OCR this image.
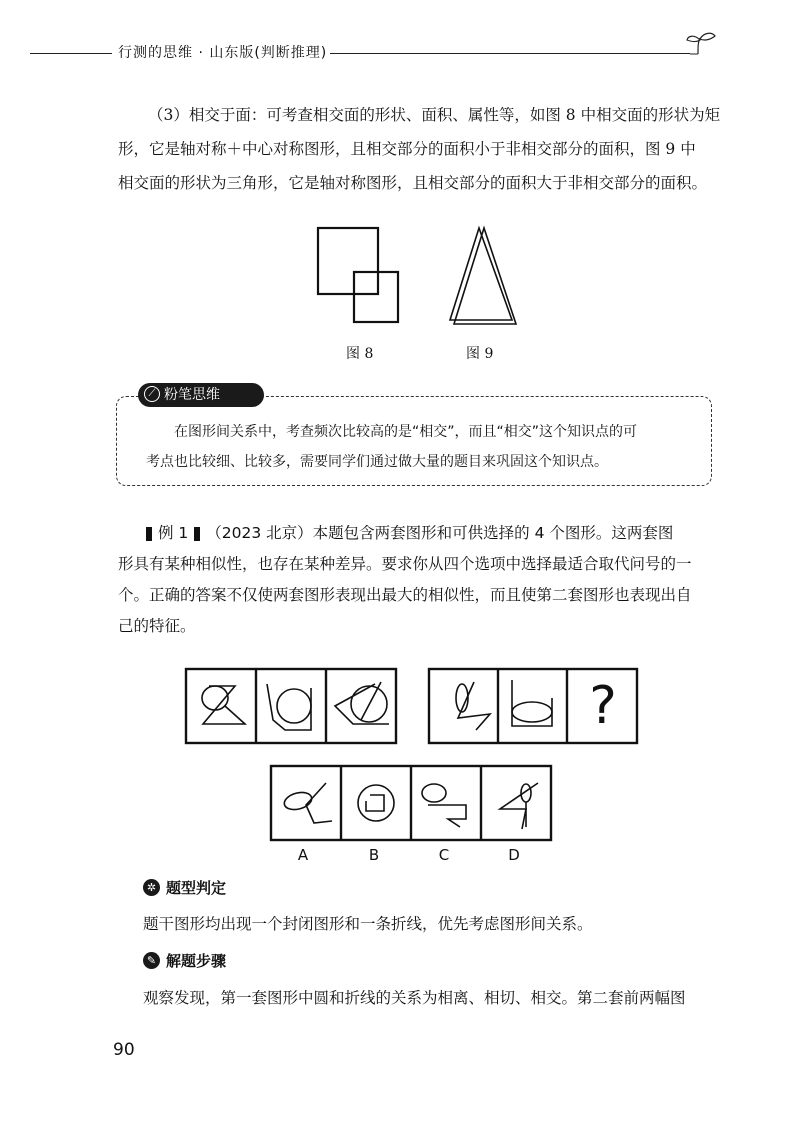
行测的思维 · 山东版(判断推理)
（3）相交于面：可考查相交面的形状、面积、属性等，如图 8 中相交面的形状为矩
形，它是轴对称＋中心对称图形，且相交部分的面积小于非相交部分的面积，图 9 中
相交面的形状为三角形，它是轴对称图形，且相交部分的面积大于非相交部分的面积。
图 8	图 9
⟋ 粉笔思维
在图形间关系中，考查频次比较高的是“相交”，而且“相交”这个知识点的可
考点也比较细、比较多，需要同学们通过做大量的题目来巩固这个知识点。
例 1 （2023 北京）本题包含两套图形和可供选择的 4 个图形。这两套图
形具有某种相似性，也存在某种差异。要求你从四个选项中选择最适合取代问号的一
个。正确的答案不仅使两套图形表现出最大的相似性，而且使第二套图形也表现出自
己的特征。
?
A	B	C	D
✲ 题型判定
题干图形均出现一个封闭图形和一条折线，优先考虑图形间关系。
✎ 解题步骤
观察发现，第一套图形中圆和折线的关系为相离、相切、相交。第二套前两幅图
90
